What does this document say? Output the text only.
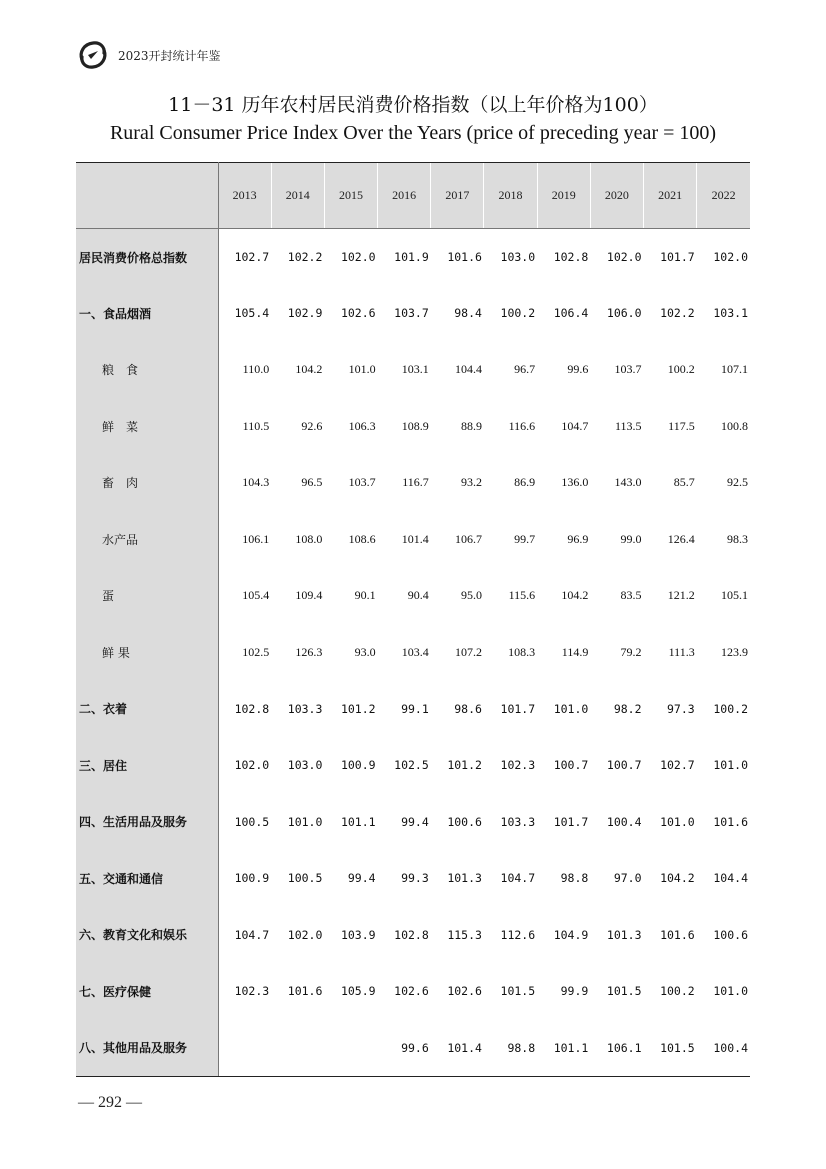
2023开封统计年鉴
11－31 历年农村居民消费价格指数（以上年价格为100）
Rural Consumer Price Index Over the Years (price of preceding year = 100)
	2013	2014	2015	2016	2017	2018	2019	2020	2021	2022
居民消费价格总指数	102.7	102.2	102.0	101.9	101.6	103.0	102.8	102.0	101.7	102.0
一、食品烟酒	105.4	102.9	102.6	103.7	98.4	100.2	106.4	106.0	102.2	103.1
粮　食	110.0	104.2	101.0	103.1	104.4	96.7	99.6	103.7	100.2	107.1
鲜　菜	110.5	92.6	106.3	108.9	88.9	116.6	104.7	113.5	117.5	100.8
畜　肉	104.3	96.5	103.7	116.7	93.2	86.9	136.0	143.0	85.7	92.5
水产品	106.1	108.0	108.6	101.4	106.7	99.7	96.9	99.0	126.4	98.3
蛋	105.4	109.4	90.1	90.4	95.0	115.6	104.2	83.5	121.2	105.1
鲜 果	102.5	126.3	93.0	103.4	107.2	108.3	114.9	79.2	111.3	123.9
二、衣着	102.8	103.3	101.2	99.1	98.6	101.7	101.0	98.2	97.3	100.2
三、居住	102.0	103.0	100.9	102.5	101.2	102.3	100.7	100.7	102.7	101.0
四、生活用品及服务	100.5	101.0	101.1	99.4	100.6	103.3	101.7	100.4	101.0	101.6
五、交通和通信	100.9	100.5	99.4	99.3	101.3	104.7	98.8	97.0	104.2	104.4
六、教育文化和娱乐	104.7	102.0	103.9	102.8	115.3	112.6	104.9	101.3	101.6	100.6
七、医疗保健	102.3	101.6	105.9	102.6	102.6	101.5	99.9	101.5	100.2	101.0
八、其他用品及服务				99.6	101.4	98.8	101.1	106.1	101.5	100.4
— 292 —
